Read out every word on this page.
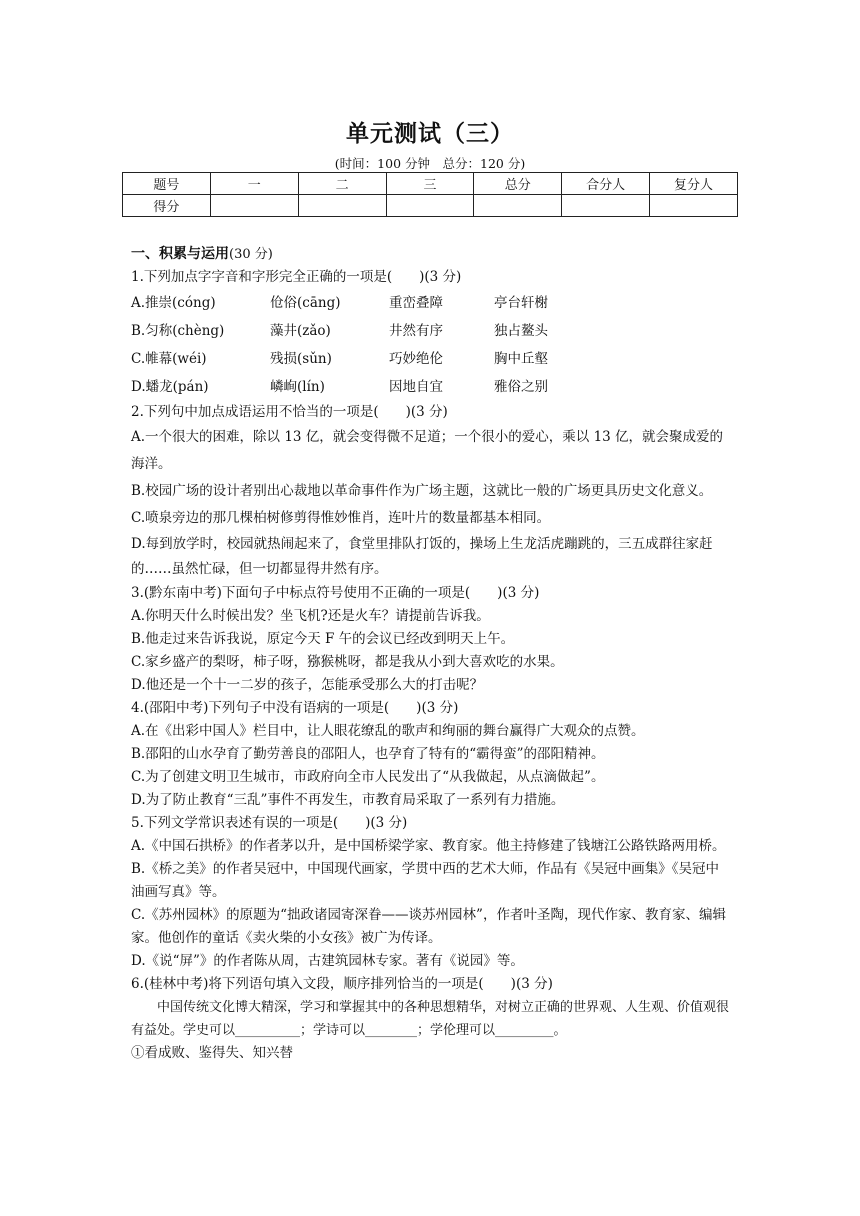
单元测试（三）
(时间：100 分钟　总分：120 分)
题号	一	二	三	总分	合分人	复分人
得分						
一、积累与运用(30 分)
1.下列加点字字音和字形完全正确的一项是(　　)(3 分)
A.推崇(cóng)	伧俗(cāng)	重峦叠障	亭台轩榭
B.匀称(chèng)	藻井(zǎo)	井然有序	独占鳌头
C.帷幕(wéi)	残损(sǔn)	巧妙绝伦	胸中丘壑
D.蟠龙(pán)	嶙峋(lín)	因地自宜	雅俗之别
2.下列句中加点成语运用不恰当的一项是(　　)(3 分)
A.一个很大的困难，除以 13 亿，就会变得微不足道；一个很小的爱心，乘以 13 亿，就会聚成爱的海洋。
B.校园广场的设计者别出心裁地以革命事件作为广场主题，这就比一般的广场更具历史文化意义。
C.喷泉旁边的那几棵柏树修剪得惟妙惟肖，连叶片的数量都基本相同。
D.每到放学时，校园就热闹起来了，食堂里排队打饭的，操场上生龙活虎蹦跳的，三五成群往家赶的……虽然忙碌，但一切都显得井然有序。
3.(黔东南中考)下面句子中标点符号使用不正确的一项是(　　)(3 分)
A.你明天什么时候出发？坐飞机?还是火车？请提前告诉我。
B.他走过来告诉我说，原定今天 F 午的会议已经改到明天上午。
C.家乡盛产的梨呀，柿子呀，猕猴桃呀，都是我从小到大喜欢吃的水果。
D.他还是一个十一二岁的孩子，怎能承受那么大的打击呢？
4.(邵阳中考)下列句子中没有语病的一项是(　　)(3 分)
A.在《出彩中国人》栏目中，让人眼花缭乱的歌声和绚丽的舞台赢得广大观众的点赞。
B.邵阳的山水孕育了勤劳善良的邵阳人，也孕育了特有的“霸得蛮”的邵阳精神。
C.为了创建文明卫生城市，市政府向全市人民发出了“从我做起，从点滴做起”。
D.为了防止教育“三乱”事件不再发生，市教育局采取了一系列有力措施。
5.下列文学常识表述有误的一项是(　　)(3 分)
A.《中国石拱桥》的作者茅以升，是中国桥梁学家、教育家。他主持修建了钱塘江公路铁路两用桥。
B.《桥之美》的作者吴冠中，中国现代画家，学贯中西的艺术大师，作品有《吴冠中画集》《吴冠中油画写真》等。
C.《苏州园林》的原题为“拙政诸园寄深眷——谈苏州园林”，作者叶圣陶，现代作家、教育家、编辑家。他创作的童话《卖火柴的小女孩》被广为传译。
D.《说“屏”》的作者陈从周，古建筑园林专家。著有《说园》等。
6.(桂林中考)将下列语句填入文段，顺序排列恰当的一项是(　　)(3 分)
中国传统文化博大精深，学习和掌握其中的各种思想精华，对树立正确的世界观、人生观、价值观很有益处。学史可以__________；学诗可以________；学伦理可以_________。
①看成败、鉴得失、知兴替
